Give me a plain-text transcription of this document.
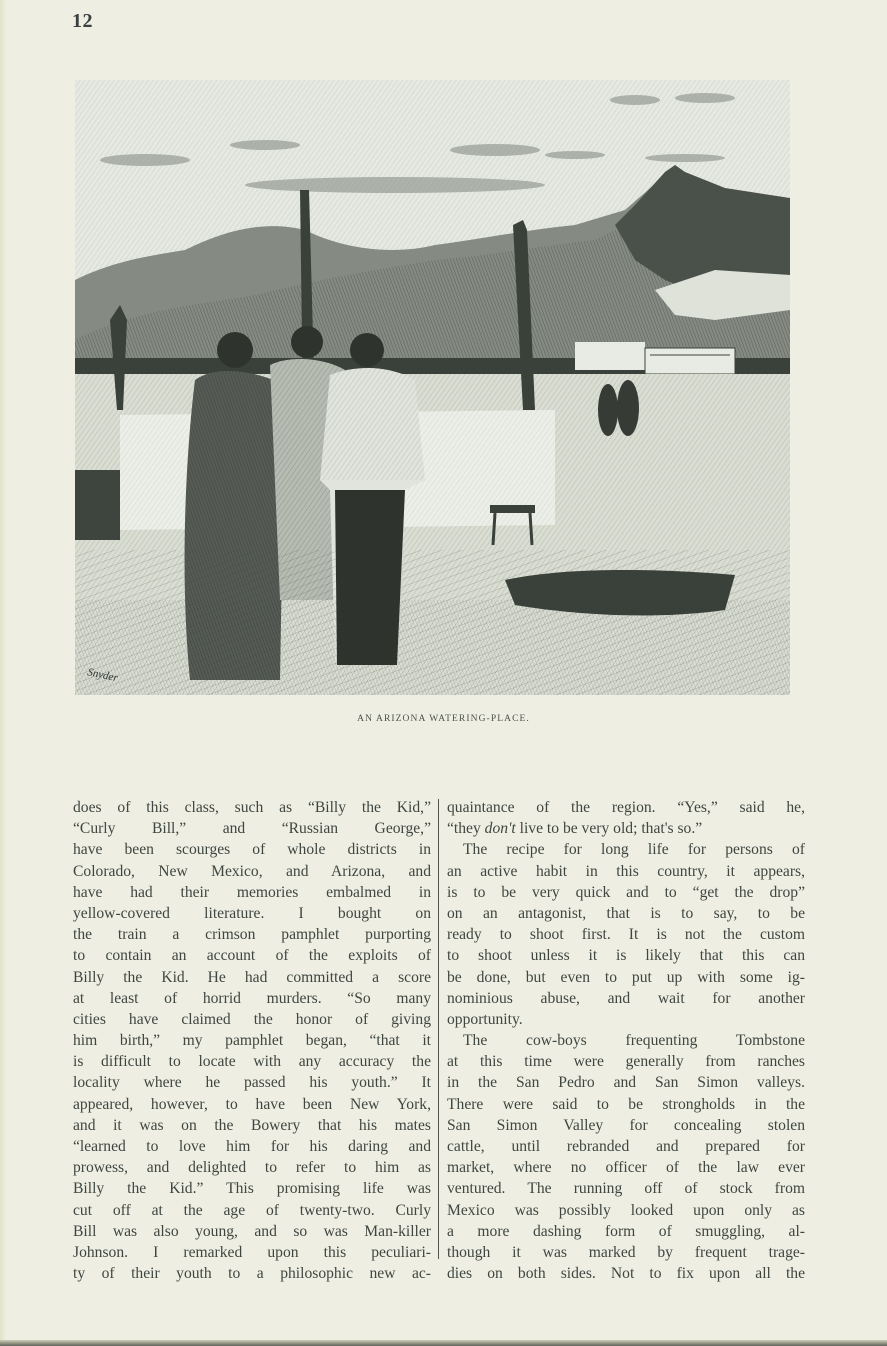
12
Snyder
AN ARIZONA WATERING-PLACE.
does of this class, such as “Billy the Kid,”
“Curly Bill,” and “Russian George,”
have been scourges of whole districts in
Colorado, New Mexico, and Arizona, and
have had their memories embalmed in
yellow-covered literature. I bought on
the train a crimson pamphlet purporting
to contain an account of the exploits of
Billy the Kid. He had committed a score
at least of horrid murders. “So many
cities have claimed the honor of giving
him birth,” my pamphlet began, “that it
is difficult to locate with any accuracy the
locality where he passed his youth.” It
appeared, however, to have been New York,
and it was on the Bowery that his mates
“learned to love him for his daring and
prowess, and delighted to refer to him as
Billy the Kid.” This promising life was
cut off at the age of twenty-two. Curly
Bill was also young, and so was Man-killer
Johnson. I remarked upon this peculiari-
ty of their youth to a philosophic new ac-
quaintance of the region. “Yes,” said he,
“they don't live to be very old; that's so.”
The recipe for long life for persons of
an active habit in this country, it appears,
is to be very quick and to “get the drop”
on an antagonist, that is to say, to be
ready to shoot first. It is not the custom
to shoot unless it is likely that this can
be done, but even to put up with some ig-
nominious abuse, and wait for another
opportunity.
The cow-boys frequenting Tombstone
at this time were generally from ranches
in the San Pedro and San Simon valleys.
There were said to be strongholds in the
San Simon Valley for concealing stolen
cattle, until rebranded and prepared for
market, where no officer of the law ever
ventured. The running off of stock from
Mexico was possibly looked upon only as
a more dashing form of smuggling, al-
though it was marked by frequent trage-
dies on both sides. Not to fix upon all the
